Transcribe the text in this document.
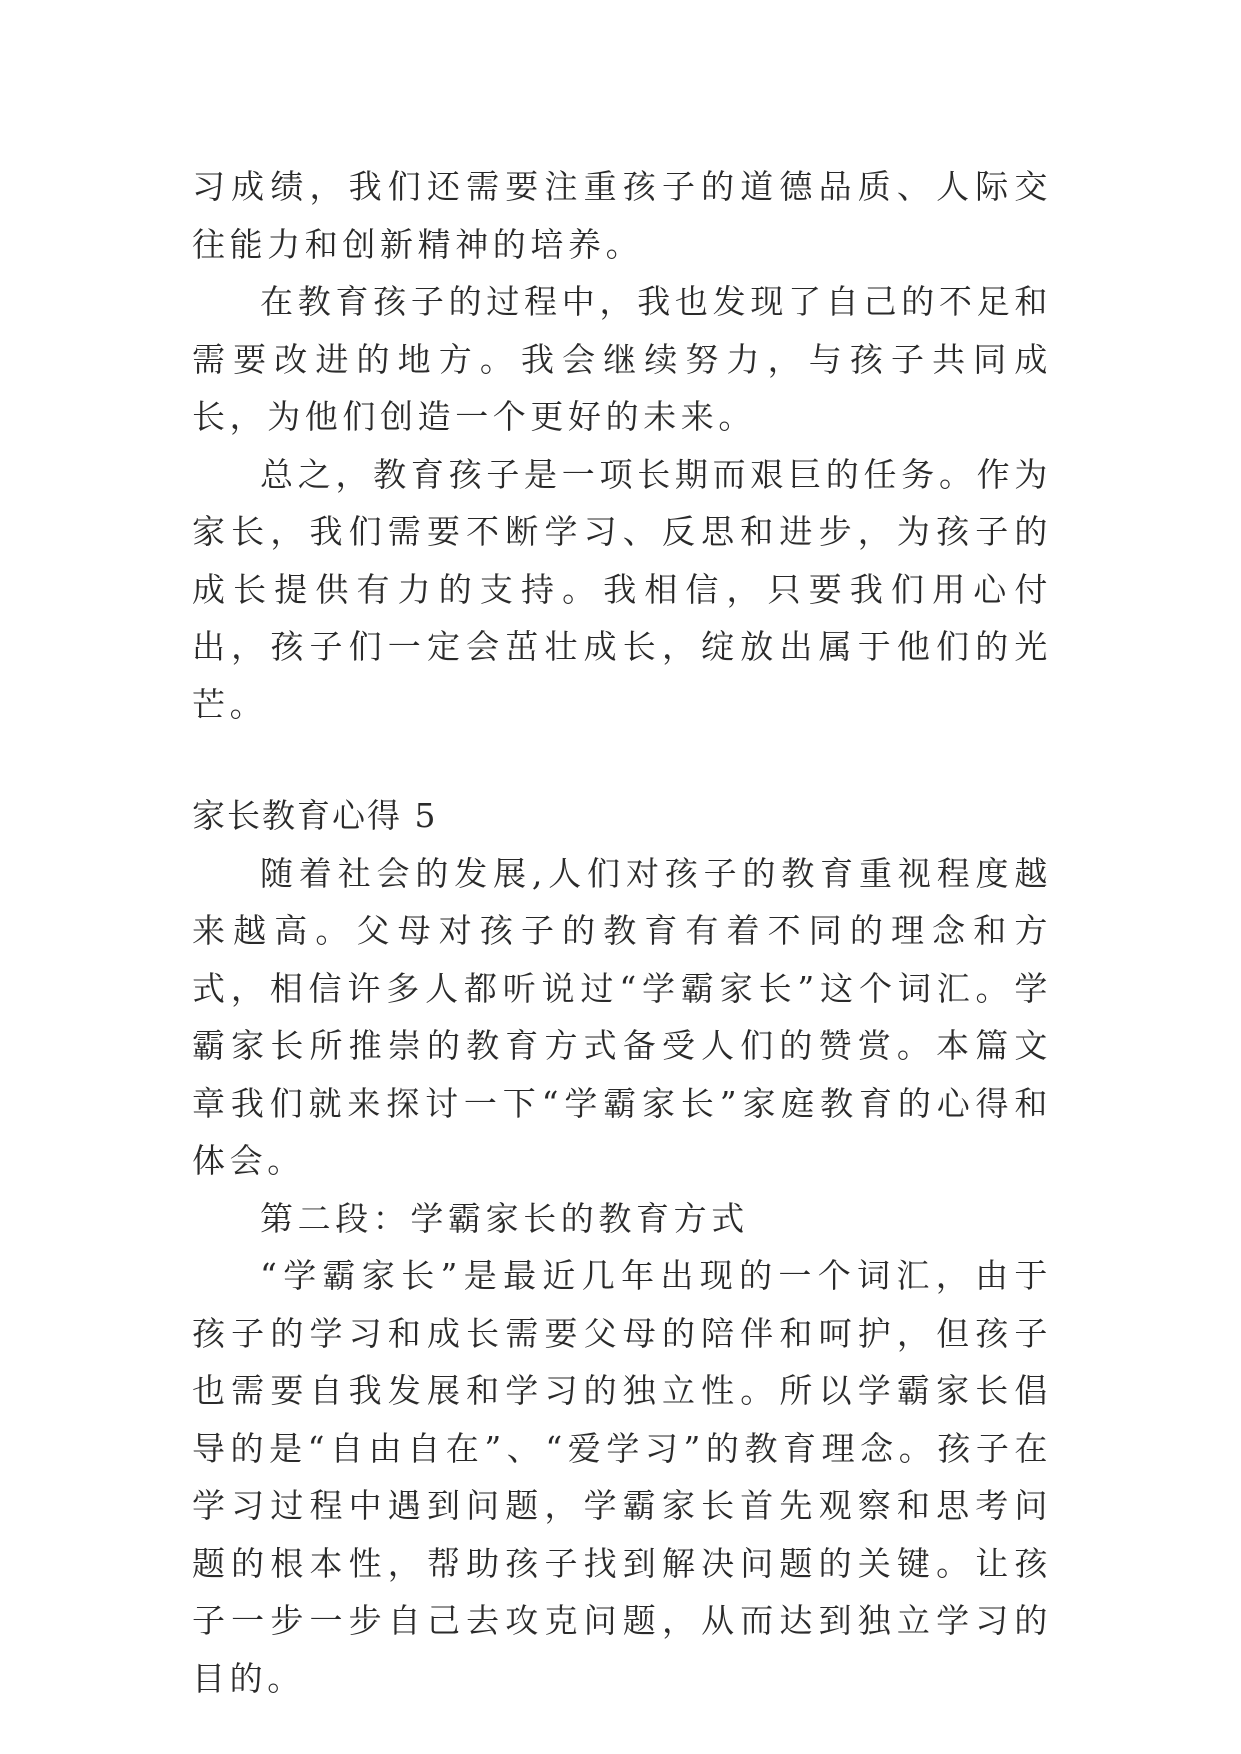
习成绩，我们还需要注重孩子的道德品质、人际交往能力和创新精神的培养。

在教育孩子的过程中，我也发现了自己的不足和需要改进的地方。我会继续努力，与孩子共同成长，为他们创造一个更好的未来。

总之，教育孩子是一项长期而艰巨的任务。作为家长，我们需要不断学习、反思和进步，为孩子的成长提供有力的支持。我相信，只要我们用心付出，孩子们一定会茁壮成长，绽放出属于他们的光芒。

家长教育心得 5

随着社会的发展,人们对孩子的教育重视程度越来越高。父母对孩子的教育有着不同的理念和方式，相信许多人都听说过“学霸家长”这个词汇。学霸家长所推崇的教育方式备受人们的赞赏。本篇文章我们就来探讨一下“学霸家长”家庭教育的心得和体会。

第二段：学霸家长的教育方式

“学霸家长”是最近几年出现的一个词汇，由于孩子的学习和成长需要父母的陪伴和呵护，但孩子也需要自我发展和学习的独立性。所以学霸家长倡导的是“自由自在”、“爱学习”的教育理念。孩子在学习过程中遇到问题，学霸家长首先观察和思考问题的根本性，帮助孩子找到解决问题的关键。让孩子一步一步自己去攻克问题，从而达到独立学习的目的。
